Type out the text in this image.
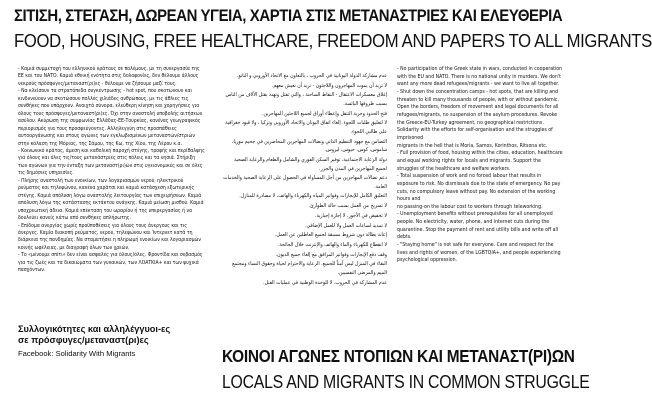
ΣΙΤΙΣΗ, ΣΤΕΓΑΣΗ, ΔΩΡΕΑΝ ΥΓΕΙΑ, ΧΑΡΤΙΑ ΣΤΙΣ ΜΕΤΑΝΑΣΤΡΙΕΣ ΚΑΙ ΕΛΕΥΘΕΡΙΑ
FOOD, HOUSING, FREE HEALTHCARE, FREEDOM AND PAPERS TO ALL MIGRANTS

- Καμιά συμμετοχή του ελληνικού κράτους σε πολέμους, με τη συνεργασία της ΕΕ και του ΝΑΤΟ. Καμιά εθνική ενότητα στις δολοφονίες, δεν θέλουμε άλλους νεκρούς πρόσφυγες/μεταναστ(ρι)ες - θέλουμε να ζήσουμε μαζί τους.

- Να κλείσουν τα στρατόπεδα συγκέντρωσης - hot spot, που σκοτώνουν και κινδυνεύουν να σκοτώσουν πολλές χιλιάδες ανθρώπους, με τις άθλιες τις συνθήκες που υπάρχουν. Ανοιχτά σύνορα, ελεύθερη κίνηση και χορηγήσεις για όλους τους πρόσφυγες/μεταναστ(ρι)ες. Όχι στην αναστολή υποβολής αιτήσεων ασύλου. Ακύρωση της συμφωνίας Ελλάδας-ΕΕ-Τουρκίας, κανένας γεωγραφικός περιορισμός για τους προσφεύγοντες. Αλληλεγγύη στις προσπάθειες αυτοοργάνωσης και στους αγώνες των εγκλωβισμένων μεταναστών/στριών στην κόλαση της Μόριας, της Σάμου, της Κω, της Χίου, της Λέρου κ.α.

- Κοινωνικό κράτος, άμεση και καθολική παροχή στέγης, τροφής και περίθαλψης για όλους και όλες τις/τους μετανάστριες στις πόλεις και τα νησιά. Στήριξη των αγώνων για την ένταξη των μεταναστ(ρι)ών στις υγειονομικές και σε όλες τις δημόσιες υπηρεσίες.

- Πλήρης αναστολή των ενοικίων, των λογαριασμών νερού, ηλεκτρικού ρεύματος και τηλεφώνου, κανένα χαράτσι και καμιά κατάσχεση εξωτερικής στέγης. Καμιά απόλυση λόγω αναστολής λειτουργίας των επιχειρήσεων. Καμιά απόλυση λόγω της κατάστασης εκτάκτου ανάγκης. Καμιά μείωση μισθού. Καμιά υποχρεωτική άδεια. Καμιά επέκταση του ωραρίου ή της υπερεργασίας ή να δουλεύει κανείς κάτω από συνθήκες απλήρωτης.

- Επίδομα ανεργίας χωρίς προϋποθέσεις για όλους τους άνεργους και τις άνεργες. Καμία διακοπή ρεύματος, νερού, τηλεφώνου και Ίντερνετ κατά τη διάρκεια της πανδημίας. Να σταματήσει η πληρωμή ενοικίων και λογαριασμών κοινής ωφέλειας, με διαγραφή όλων των χρεών.

- Το «μένουμε σπίτι» δεν είναι ασφαλές για όλους/όλες. Φροντίδα και σεβασμός για τις ζωές και τα δικαιώματα των γυναικών, των ΛΟΑΤΚΙΑ+ και των ψυχικά πασχόντων.

عدم مشاركة الدولة اليونانية في الحروب ، بالتعاون مع الاتحاد الأوروبي و الناتو.

لا نريد أن يموت المهاجرون واللاجئون - نريد أن نعيش معهم.

إغلاق معسكرات الاعتقال - النقاط الساخنة ، والتي تقتل وتهدد بقتل الآلاف من الناس بسبب ظروفها البائسة.

فتح الحدود وحرية التنقل وإعطاء أوراق لجميع اللاجئين المهاجرين.

لا لتعليق طلبات اللجوء. إلغاء اتفاق اليونان والاتحاد الأوروبي وتركيا ، ولا قيود جغرافية على طالبي اللجوء.

التضامن مع جهود التنظيم الذاتي ونضالات المهاجرين المحاصرين في جحيم موريا، ساموس، كوس، خيوس، ليروس.

دولة الرعاية الاجتماعية، توفير السكن الفوري والشامل والطعام والرعاية الصحية لجميع المهاجرين في المدن والجزر.

دعم نضالات المهاجرين من أجل المساواة في الحصول على الرعاية الصحية والخدمات العامة.

التعليق الكامل للإيجارات وفواتير المياه والكهرباء والهاتف، لا مصادرة للمنازل.

لا تسريح من العمل بسبب حالة الطوارئ.

لا تخفيض في الأجور، لا إجازة إجبارية.

لا تمديد لساعات العمل ولا للعمل الإضافي.

إعانة بطالة دون شروط مسبقة لجميع العاطلين عن العمل.

لا انقطاع للكهرباء والماء والهاتف والإنترنت خلال الجائحة.

وقف دفع الإيجارات وفواتير المرافق مع إلغاء جميع الديون.

البقاء في المنزل ليس آمناً للجميع. الرعاية والاحترام لحياة وحقوق النساء ومجتمع الميم والمرضى النفسيين.

عدم المشاركة في الحروب. لا للوحدة الوطنية في عمليات القتل.

- No participation of the Greek state in wars, conducted in cooperation with the EU and NATO. There is no national unity in murders. We don't want any more dead refugees/migrants - we want to live all together.

- Shut down the concentration camps - hot spots, that are killing and threaten to kill many thousands of people, with or without pandemic. Open the borders, freedom of movement and legal documents for all refugees/migrants, no suspension of the asylum procedures. Revoke the Greece-EU-Turkey agreement, no geographical restrictions. Solidarity with the efforts for self-organisation and the struggles of imprisoned

migrants in the hell that is Moria, Samos, Korinthos, Ritsona etc.

- Full provision of food, housing within the cities, education, healthcare and equal working rights for locals and migrants. Support the struggles of the healthcare and welfare workers.

- Total suspension of work and no forced labour that results in exposure to risk. No dismissals due to the state of emergency. No pay cuts, no compulsory leave without pay. No extension of the working hours and

no passing-on the labour cost to workers through teleworking.

- Unemployment benefits without prerequisites for all unemployed people. No electricity, water, phone, and internet cuts during the quarantine. Stop the payment of rent and utility bills and write off all debts.

- "Staying home" is not safe for everyone. Care and respect for the lives and rights of women, of the LGBTQIA+, and people experiencing psychological oppression.

Συλλογικότητες και αλληλέγγυοι-ες
σε πρόσφυγες/μεταναστ(ρι)ες
Facebook: Solidarity With Migrants	ΚΟΙΝΟΙ ΑΓΩΝΕΣ ΝΤΟΠΙΩΝ ΚΑΙ ΜΕΤΑΝΑΣΤ(ΡΙ)ΩΝ
LOCALS AND MIGRANTS IN COMMON STRUGGLE
